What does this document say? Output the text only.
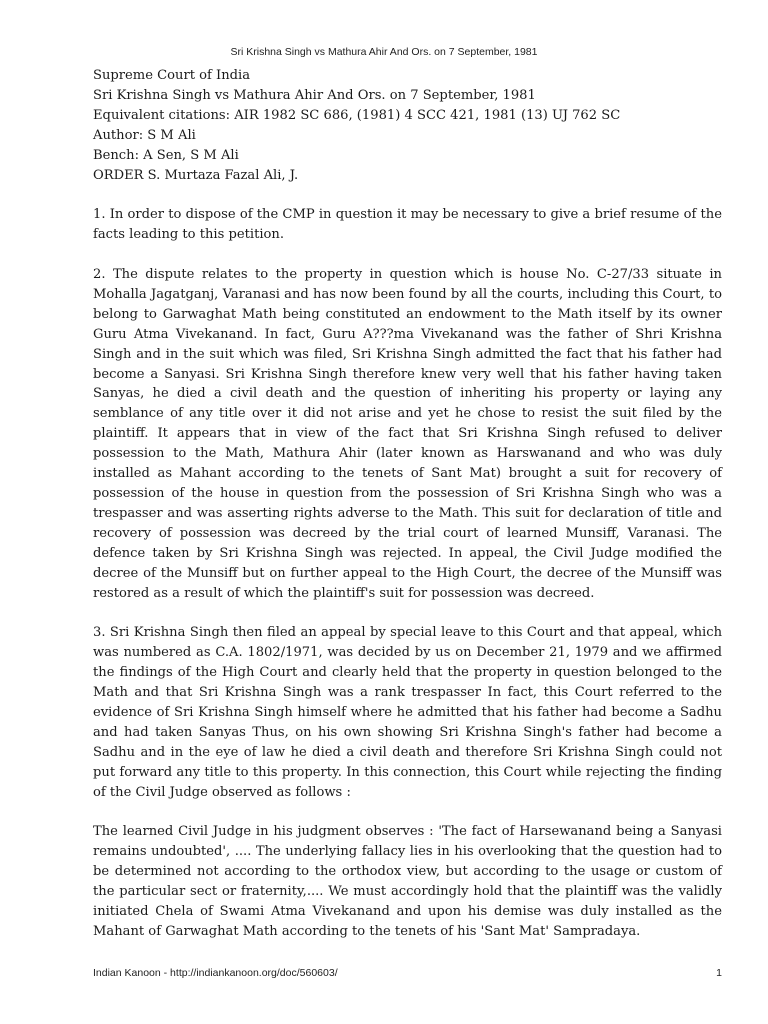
Sri Krishna Singh vs Mathura Ahir And Ors. on 7 September, 1981
Supreme Court of India
Sri Krishna Singh vs Mathura Ahir And Ors. on 7 September, 1981
Equivalent citations: AIR 1982 SC 686, (1981) 4 SCC 421, 1981 (13) UJ 762 SC
Author: S M Ali
Bench: A Sen, S M Ali
ORDER S. Murtaza Fazal Ali, J.

1. In order to dispose of the CMP in question it may be necessary to give a brief resume of the facts leading to this petition.

2. The dispute relates to the property in question which is house No. C-27/33 situate in Mohalla Jagatganj, Varanasi and has now been found by all the courts, including this Court, to belong to Garwaghat Math being constituted an endowment to the Math itself by its owner Guru Atma Vivekanand. In fact, Guru A???ma Vivekanand was the father of Shri Krishna Singh and in the suit which was filed, Sri Krishna Singh admitted the fact that his father had become a Sanyasi. Sri Krishna Singh therefore knew very well that his father having taken Sanyas, he died a civil death and the question of inheriting his property or laying any semblance of any title over it did not arise and yet he chose to resist the suit filed by the plaintiff. It appears that in view of the fact that Sri Krishna Singh refused to deliver possession to the Math, Mathura Ahir (later known as Harswanand and who was duly installed as Mahant according to the tenets of Sant Mat) brought a suit for recovery of possession of the house in question from the possession of Sri Krishna Singh who was a trespasser and was asserting rights adverse to the Math. This suit for declaration of title and recovery of possession was decreed by the trial court of learned Munsiff, Varanasi. The defence taken by Sri Krishna Singh was rejected. In appeal, the Civil Judge modified the decree of the Munsiff but on further appeal to the High Court, the decree of the Munsiff was restored as a result of which the plaintiff's suit for possession was decreed.

3. Sri Krishna Singh then filed an appeal by special leave to this Court and that appeal, which was numbered as C.A. 1802/1971, was decided by us on December 21, 1979 and we affirmed the findings of the High Court and clearly held that the property in question belonged to the Math and that Sri Krishna Singh was a rank trespasser In fact, this Court referred to the evidence of Sri Krishna Singh himself where he admitted that his father had become a Sadhu and had taken Sanyas Thus, on his own showing Sri Krishna Singh's father had become a Sadhu and in the eye of law he died a civil death and therefore Sri Krishna Singh could not put forward any title to this property. In this connection, this Court while rejecting the finding of the Civil Judge observed as follows :

The learned Civil Judge in his judgment observes : 'The fact of Harsewanand being a Sanyasi remains undoubted', .... The underlying fallacy lies in his overlooking that the question had to be determined not according to the orthodox view, but according to the usage or custom of the particular sect or fraternity,.... We must accordingly hold that the plaintiff was the validly initiated Chela of Swami Atma Vivekanand and upon his demise was duly installed as the Mahant of Garwaghat Math according to the tenets of his 'Sant Mat' Sampradaya.

Indian Kanoon - http://indiankanoon.org/doc/560603/	1
